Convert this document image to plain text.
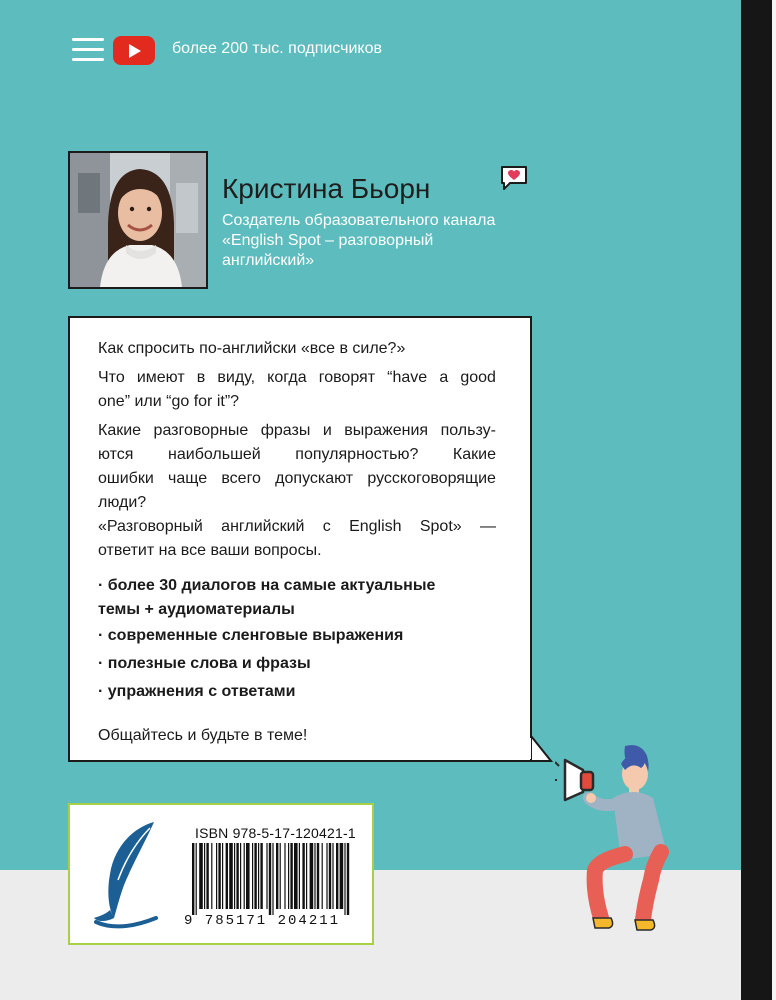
более 200 тыс. подписчиков
Кристина Бьорн
Создатель образовательного канала
«English Spot – разговорный
английский»
Как спросить по-английски «все в силе?»
Что имеют в виду, когда говорят “have a good
one” или “go for it”?
Какие разговорные фразы и выражения пользу-
ются наибольшей популярностью? Какие
ошибки чаще всего допускают русскоговорящие
люди?
«Разговорный английский с English Spot» —
ответит на все ваши вопросы.
· более 30 диалогов на самые актуальные
темы + аудиоматериалы
· современные сленговые выражения
· полезные слова и фразы
· упражнения с ответами
Общайтесь и будьте в теме!
ISBN 978-5-17-120421-1
9 785171 204211
